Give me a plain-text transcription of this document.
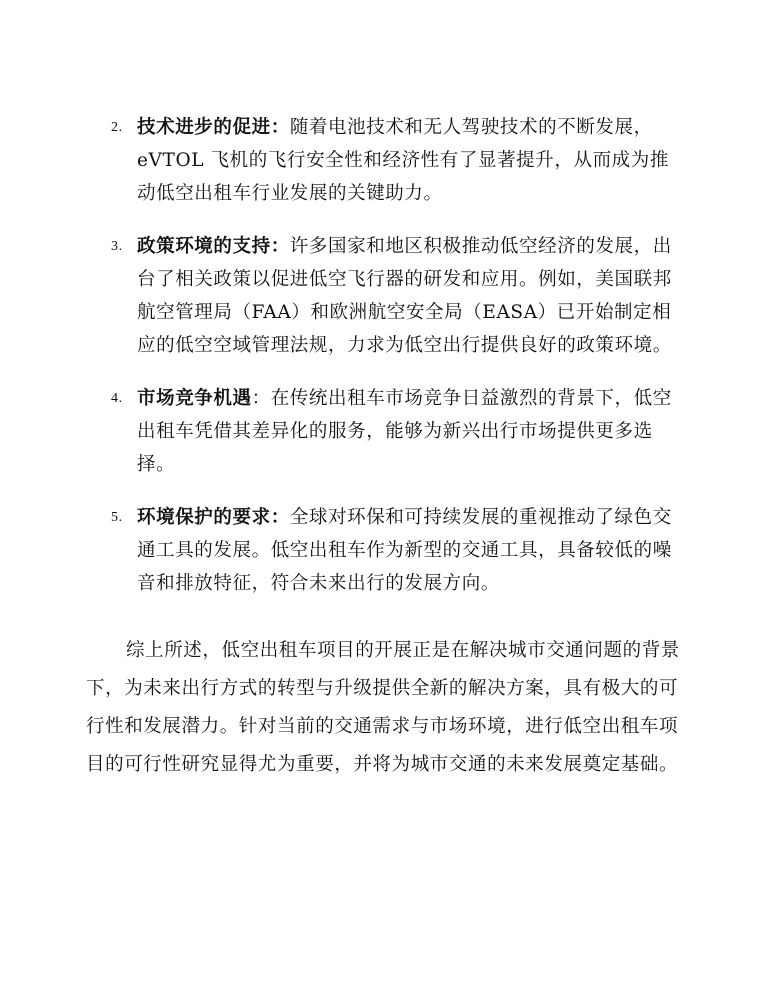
2. 技术进步的促进：随着电池技术和无人驾驶技术的不断发展，eVTOL 飞机的飞行安全性和经济性有了显著提升，从而成为推动低空出租车行业发展的关键助力。
3. 政策环境的支持：许多国家和地区积极推动低空经济的发展，出台了相关政策以促进低空飞行器的研发和应用。例如，美国联邦航空管理局（FAA）和欧洲航空安全局（EASA）已开始制定相应的低空空域管理法规，力求为低空出行提供良好的政策环境。
4. 市场竞争机遇：在传统出租车市场竞争日益激烈的背景下，低空出租车凭借其差异化的服务，能够为新兴出行市场提供更多选择。
5. 环境保护的要求：全球对环保和可持续发展的重视推动了绿色交通工具的发展。低空出租车作为新型的交通工具，具备较低的噪音和排放特征，符合未来出行的发展方向。

综上所述，低空出租车项目的开展正是在解决城市交通问题的背景下，为未来出行方式的转型与升级提供全新的解决方案，具有极大的可行性和发展潜力。针对当前的交通需求与市场环境，进行低空出租车项目的可行性研究显得尤为重要，并将为城市交通的未来发展奠定基础。
